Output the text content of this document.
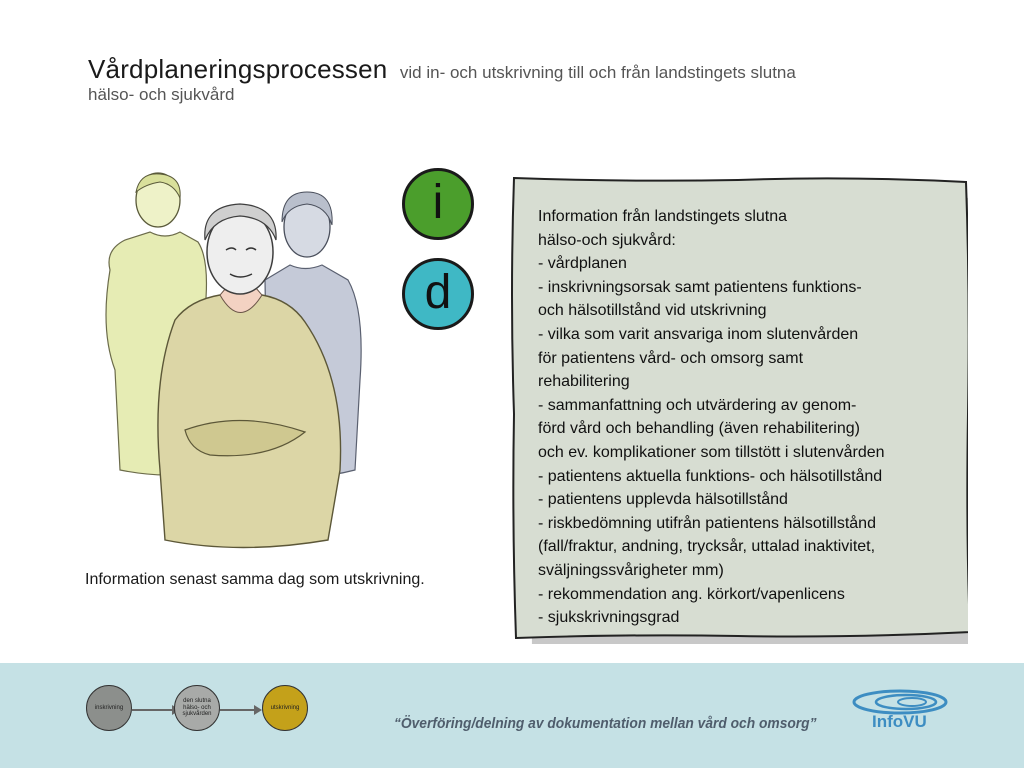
Vårdplaneringsprocessen vid in- och utskrivning till och från landstingets slutna
hälso- och sjukvård
Information senast samma dag som utskrivning.
i
d
Information från landstingets slutna
hälso-och sjukvård:
- vårdplanen
- inskrivningsorsak samt patientens funktions-
och hälsotillstånd vid utskrivning
- vilka som varit ansvariga inom slutenvården
för patientens vård- och omsorg samt
rehabilitering
- sammanfattning och utvärdering av genom-
förd vård och behandling (även rehabilitering)
och ev. komplikationer som tillstött i slutenvården
- patientens aktuella funktions- och hälsotillstånd
- patientens upplevda hälsotillstånd
- riskbedömning utifrån patientens hälsotillstånd
(fall/fraktur, andning, trycksår, uttalad inaktivitet,
sväljningssvårigheter mm)
- rekommendation ang. körkort/vapenlicens
- sjukskrivningsgrad
inskrivning
den slutna
hälso- och
sjukvården
utskrivning
“Överföring/delning av dokumentation mellan vård och omsorg”	InfoVU
